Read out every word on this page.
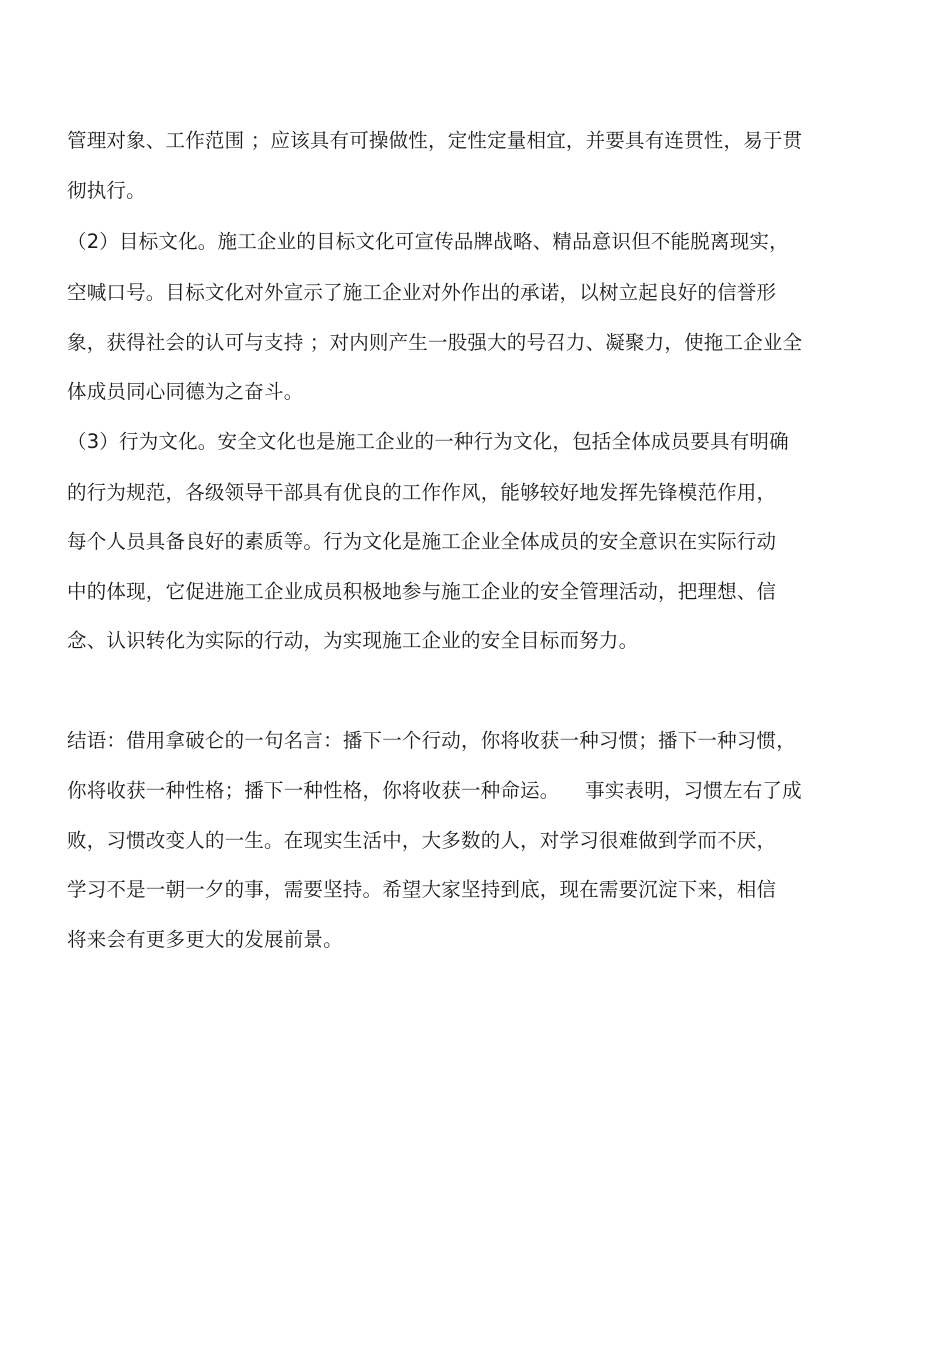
管理对象、工作范围 ；应该具有可操做性，定性定量相宜，并要具有连贯性，易于贯
彻执行。
（2）目标文化。施工企业的目标文化可宣传品牌战略、精品意识但不能脱离现实，
空喊口号。目标文化对外宣示了施工企业对外作出的承诺，以树立起良好的信誉形
象，获得社会的认可与支持 ；对内则产生一股强大的号召力、凝聚力，使拖工企业全
体成员同心同德为之奋斗。
（3）行为文化。安全文化也是施工企业的一种行为文化，包括全体成员要具有明确
的行为规范，各级领导干部具有优良的工作作风，能够较好地发挥先锋模范作用，
每个人员具备良好的素质等。行为文化是施工企业全体成员的安全意识在实际行动
中的体现，它促进施工企业成员积极地参与施工企业的安全管理活动，把理想、信
念、认识转化为实际的行动，为实现施工企业的安全目标而努力。
结语：借用拿破仑的一句名言：播下一个行动，你将收获一种习惯；播下一种习惯，
你将收获一种性格；播下一种性格，你将收获一种命运。    事实表明，习惯左右了成
败，习惯改变人的一生。在现实生活中，大多数的人，对学习很难做到学而不厌，
学习不是一朝一夕的事，需要坚持。希望大家坚持到底，现在需要沉淀下来，相信
将来会有更多更大的发展前景。
